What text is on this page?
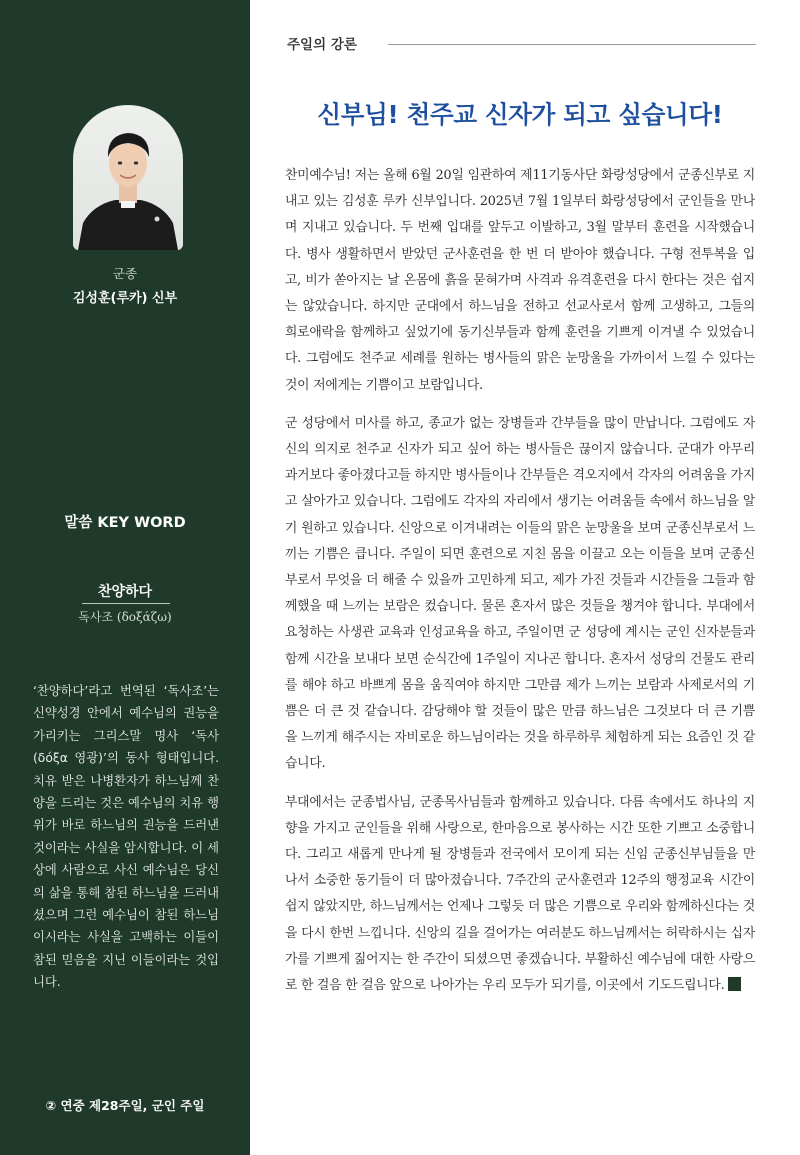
군종
김성훈(루카) 신부
말씀 KEY WORD
찬양하다
독사조 (δοξάζω)

‘찬양하다’라고 번역된 ‘독사조’는 신약성경 안에서 예수님의 권능을 가리키는 그리스말 명사 ‘독사(δόξα 영광)’의 동사 형태입니다. 치유 받은 나병환자가 하느님께 찬양을 드리는 것은 예수님의 치유 행위가 바로 하느님의 권능을 드러낸 것이라는 사실을 암시합니다. 이 세상에 사람으로 사신 예수님은 당신의 삶을 통해 참된 하느님을 드러내셨으며 그런 예수님이 참된 하느님이시라는 사실을 고백하는 이들이 참된 믿음을 지닌 이들이라는 것입니다.

② 연중 제28주일, 군인 주일
주일의 강론
신부님! 천주교 신자가 되고 싶습니다!

찬미예수님! 저는 올해 6월 20일 임관하여 제11기동사단 화랑성당에서 군종신부로 지내고 있는 김성훈 루카 신부입니다. 2025년 7월 1일부터 화랑성당에서 군인들을 만나며 지내고 있습니다. 두 번째 입대를 앞두고 이발하고, 3월 말부터 훈련을 시작했습니다. 병사 생활하면서 받았던 군사훈련을 한 번 더 받아야 했습니다. 구형 전투복을 입고, 비가 쏟아지는 날 온몸에 흙을 묻혀가며 사격과 유격훈련을 다시 한다는 것은 쉽지는 않았습니다. 하지만 군대에서 하느님을 전하고 선교사로서 함께 고생하고, 그들의 희로애락을 함께하고 싶었기에 동기신부들과 함께 훈련을 기쁘게 이겨낼 수 있었습니다. 그럼에도 천주교 세례를 원하는 병사들의 맑은 눈망울을 가까이서 느낄 수 있다는 것이 저에게는 기쁨이고 보람입니다.

군 성당에서 미사를 하고, 종교가 없는 장병들과 간부들을 많이 만납니다. 그럼에도 자신의 의지로 천주교 신자가 되고 싶어 하는 병사들은 끊이지 않습니다. 군대가 아무리 과거보다 좋아졌다고들 하지만 병사들이나 간부들은 격오지에서 각자의 어려움을 가지고 살아가고 있습니다. 그럼에도 각자의 자리에서 생기는 어려움들 속에서 하느님을 알기 원하고 있습니다. 신앙으로 이겨내려는 이들의 맑은 눈망울을 보며 군종신부로서 느끼는 기쁨은 큽니다. 주일이 되면 훈련으로 지친 몸을 이끌고 오는 이들을 보며 군종신부로서 무엇을 더 해줄 수 있을까 고민하게 되고, 제가 가진 것들과 시간들을 그들과 함께했을 때 느끼는 보람은 컸습니다. 물론 혼자서 많은 것들을 챙겨야 합니다. 부대에서 요청하는 사생관 교육과 인성교육을 하고, 주일이면 군 성당에 계시는 군인 신자분들과 함께 시간을 보내다 보면 순식간에 1주일이 지나곤 합니다. 혼자서 성당의 건물도 관리를 해야 하고 바쁘게 몸을 움직여야 하지만 그만큼 제가 느끼는 보람과 사제로서의 기쁨은 더 큰 것 같습니다. 감당해야 할 것들이 많은 만큼 하느님은 그것보다 더 큰 기쁨을 느끼게 해주시는 자비로운 하느님이라는 것을 하루하루 체험하게 되는 요즘인 것 같습니다.

부대에서는 군종법사님, 군종목사님들과 함께하고 있습니다. 다름 속에서도 하나의 지향을 가지고 군인들을 위해 사랑으로, 한마음으로 봉사하는 시간 또한 기쁘고 소중합니다. 그리고 새롭게 만나게 될 장병들과 전국에서 모이게 되는 신임 군종신부님들을 만나서 소중한 동기들이 더 많아졌습니다. 7주간의 군사훈련과 12주의 행정교육 시간이 쉽지 않았지만, 하느님께서는 언제나 그렇듯 더 많은 기쁨으로 우리와 함께하신다는 것을 다시 한번 느낍니다. 신앙의 길을 걸어가는 여러분도 하느님께서는 허락하시는 십자가를 기쁘게 짊어지는 한 주간이 되셨으면 좋겠습니다. 부활하신 예수님에 대한 사랑으로 한 걸음 한 걸음 앞으로 나아가는 우리 모두가 되기를, 이곳에서 기도드립니다.
